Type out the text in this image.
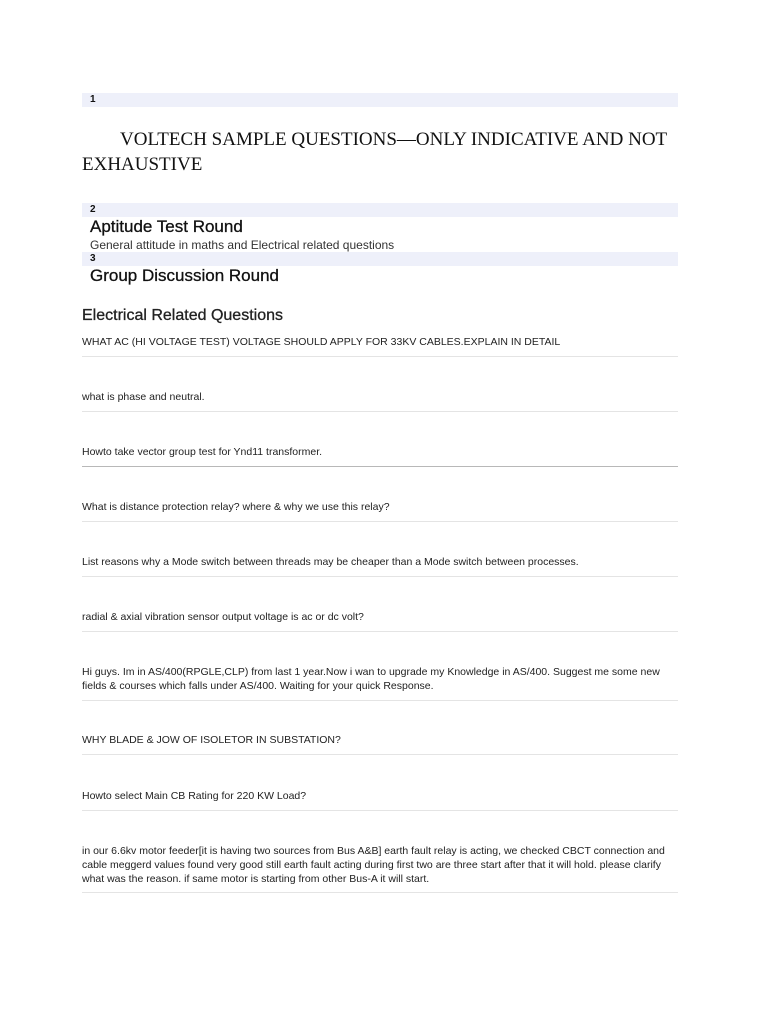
1
VOLTECH SAMPLE QUESTIONS—ONLY INDICATIVE AND NOT EXHAUSTIVE
2
Aptitude Test Round
General attitude in maths and Electrical related questions
3
Group Discussion Round
Electrical Related Questions
WHAT AC (HI VOLTAGE TEST) VOLTAGE SHOULD APPLY FOR 33KV CABLES.EXPLAIN IN DETAIL
what is phase and neutral.
Howto take vector group test for Ynd11 transformer.
What is distance protection relay? where & why we use this relay?
List reasons why a Mode switch between threads may be cheaper than a Mode switch between processes.
radial & axial vibration sensor output voltage is ac or dc volt?
Hi guys. Im in AS/400(RPGLE,CLP) from last 1 year.Now i wan to upgrade my Knowledge in AS/400. Suggest me some new fields & courses which falls under AS/400. Waiting for your quick Response.
WHY BLADE & JOW OF ISOLETOR IN SUBSTATION?
Howto select Main CB Rating for 220 KW Load?
in our 6.6kv motor feeder[it is having two sources from Bus A&B] earth fault relay is acting, we checked CBCT connection and cable meggerd values found very good still earth fault acting during first two are three start after that it will hold. please clarify what was the reason. if same motor is starting from other Bus-A it will start.
